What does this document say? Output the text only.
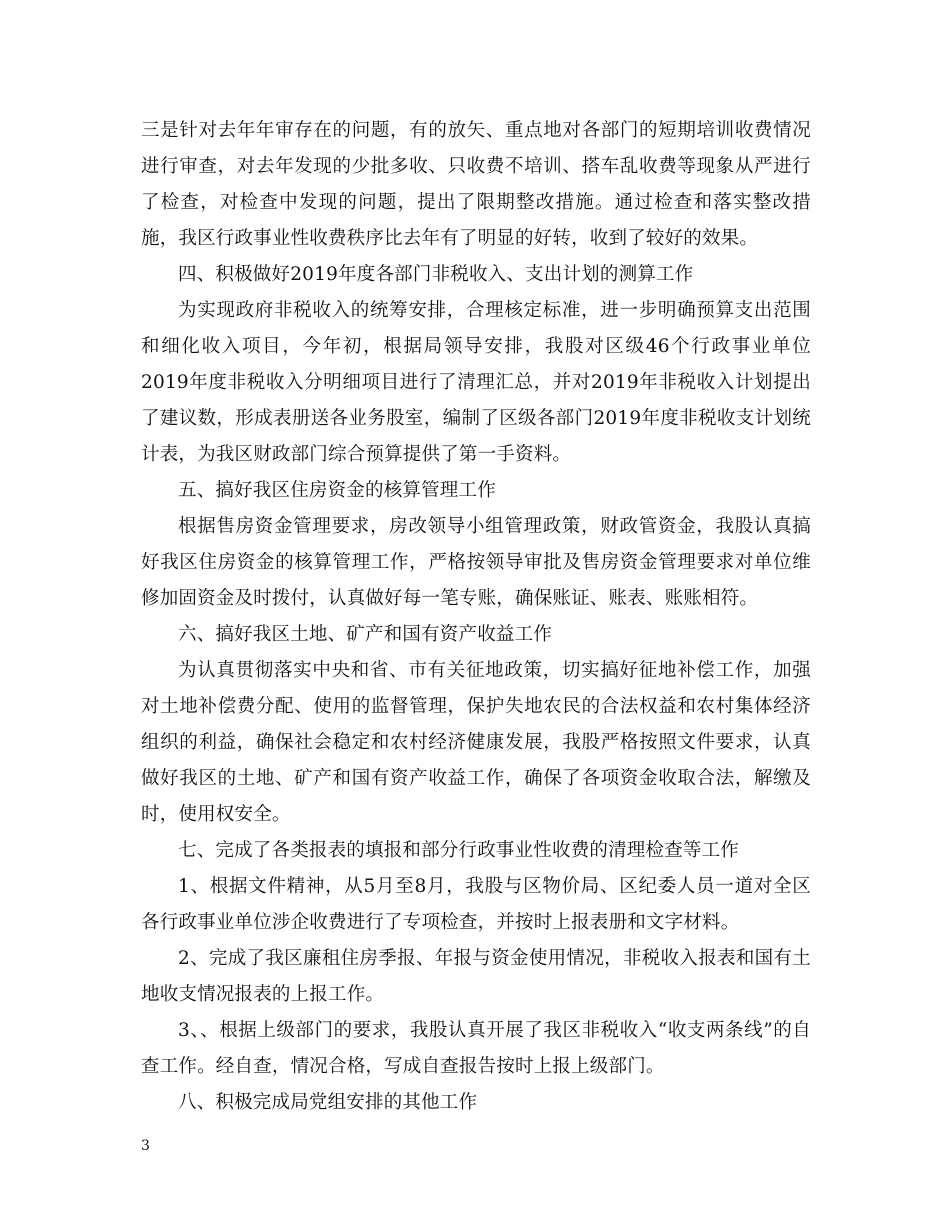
三是针对去年年审存在的问题，有的放矢、重点地对各部门的短期培训收费情况进行审查，对去年发现的少批多收、只收费不培训、搭车乱收费等现象从严进行了检查，对检查中发现的问题，提出了限期整改措施。通过检查和落实整改措施，我区行政事业性收费秩序比去年有了明显的好转，收到了较好的效果。

四、积极做好2019年度各部门非税收入、支出计划的测算工作

为实现政府非税收入的统筹安排，合理核定标准，进一步明确预算支出范围和细化收入项目，今年初，根据局领导安排，我股对区级46个行政事业单位 2019年度非税收入分明细项目进行了清理汇总，并对2019年非税收入计划提出了建议数，形成表册送各业务股室，编制了区级各部门2019年度非税收支计划统计表，为我区财政部门综合预算提供了第一手资料。

五、搞好我区住房资金的核算管理工作

根据售房资金管理要求，房改领导小组管理政策，财政管资金，我股认真搞好我区住房资金的核算管理工作，严格按领导审批及售房资金管理要求对单位维修加固资金及时拨付，认真做好每一笔专账，确保账证、账表、账账相符。

六、搞好我区土地、矿产和国有资产收益工作

为认真贯彻落实中央和省、市有关征地政策，切实搞好征地补偿工作，加强对土地补偿费分配、使用的监督管理，保护失地农民的合法权益和农村集体经济组织的利益，确保社会稳定和农村经济健康发展，我股严格按照文件要求，认真做好我区的土地、矿产和国有资产收益工作，确保了各项资金收取合法，解缴及时，使用权安全。

七、完成了各类报表的填报和部分行政事业性收费的清理检查等工作

1、根据文件精神，从5月至8月，我股与区物价局、区纪委人员一道对全区各行政事业单位涉企收费进行了专项检查，并按时上报表册和文字材料。

2、完成了我区廉租住房季报、年报与资金使用情况，非税收入报表和国有土地收支情况报表的上报工作。

3、、根据上级部门的要求，我股认真开展了我区非税收入“收支两条线”的自查工作。经自查，情况合格，写成自查报告按时上报上级部门。

八、积极完成局党组安排的其他工作

3
